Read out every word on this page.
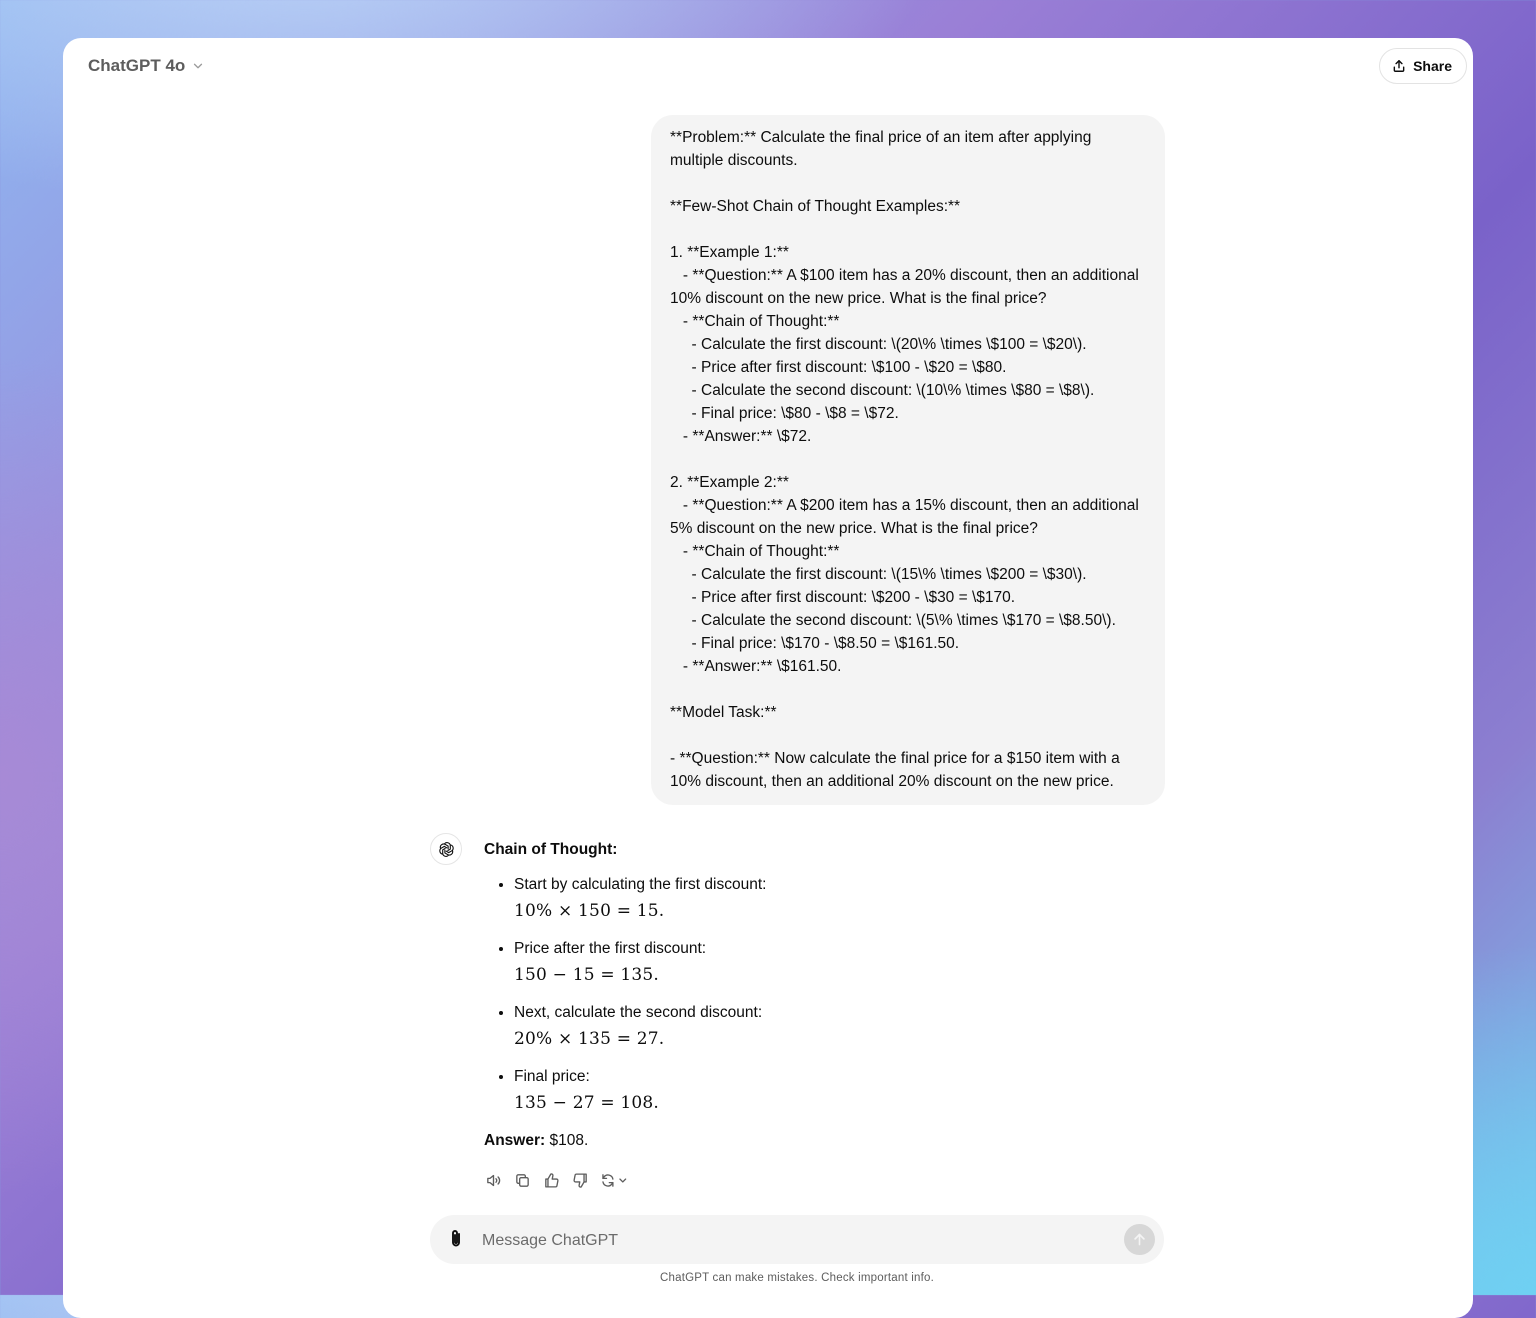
ChatGPT 4o	Share
**Problem:** Calculate the final price of an item after applying multiple discounts.

**Few-Shot Chain of Thought Examples:**

1. **Example 1:**
- **Question:** A $100 item has a 20% discount, then an additional 10% discount on the new price. What is the final price?
- **Chain of Thought:**
- Calculate the first discount: \(20\% \times \$100 = \$20\).
- Price after first discount: \$100 - \$20 = \$80.
- Calculate the second discount: \(10\% \times \$80 = \$8\).
- Final price: \$80 - \$8 = \$72.
- **Answer:** \$72.

2. **Example 2:**
- **Question:** A $200 item has a 15% discount, then an additional 5% discount on the new price. What is the final price?
- **Chain of Thought:**
- Calculate the first discount: \(15\% \times \$200 = \$30\).
- Price after first discount: \$200 - \$30 = \$170.
- Calculate the second discount: \(5\% \times \$170 = \$8.50\).
- Final price: \$170 - \$8.50 = \$161.50.
- **Answer:** \$161.50.

**Model Task:**

- **Question:** Now calculate the final price for a $150 item with a 10% discount, then an additional 20% discount on the new price.

Chain of Thought:

• Start by calculating the first discount:
10% × 150 = 15.
• Price after the first discount:
150 − 15 = 135.
• Next, calculate the second discount:
20% × 135 = 27.
• Final price:
135 − 27 = 108.

Answer: $108.

Message ChatGPT
ChatGPT can make mistakes. Check important info.
